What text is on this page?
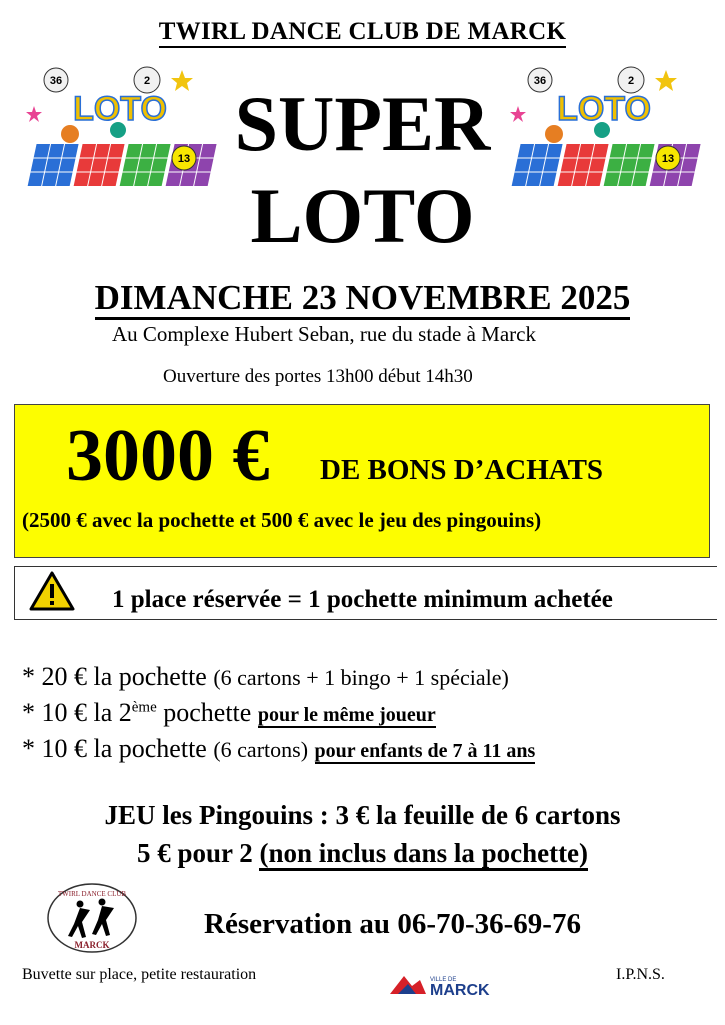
TWIRL DANCE CLUB DE MARCK
36	2
13
LOTO
36	2
13
LOTO
SUPER
LOTO
DIMANCHE 23 NOVEMBRE 2025
Au Complexe Hubert Seban, rue du stade à Marck
Ouverture des portes 13h00 début 14h30
3000 € DE BONS D’ACHATS
(2500 € avec la pochette et 500 € avec le jeu des pingouins)
1 place réservée = 1 pochette minimum achetée
* 20 € la pochette (6 cartons + 1 bingo + 1 spéciale)
* 10 € la 2ème pochette pour le même joueur
* 10 € la pochette (6 cartons) pour enfants de 7 à 11 ans
JEU les Pingouins : 3 € la feuille de 6 cartons
5 € pour 2 (non inclus dans la pochette)
TWIRL DANCE CLUB
MARCK
Réservation au 06-70-36-69-76
Buvette sur place, petite restauration	VILLE DE
MARCK
I.P.N.S.
